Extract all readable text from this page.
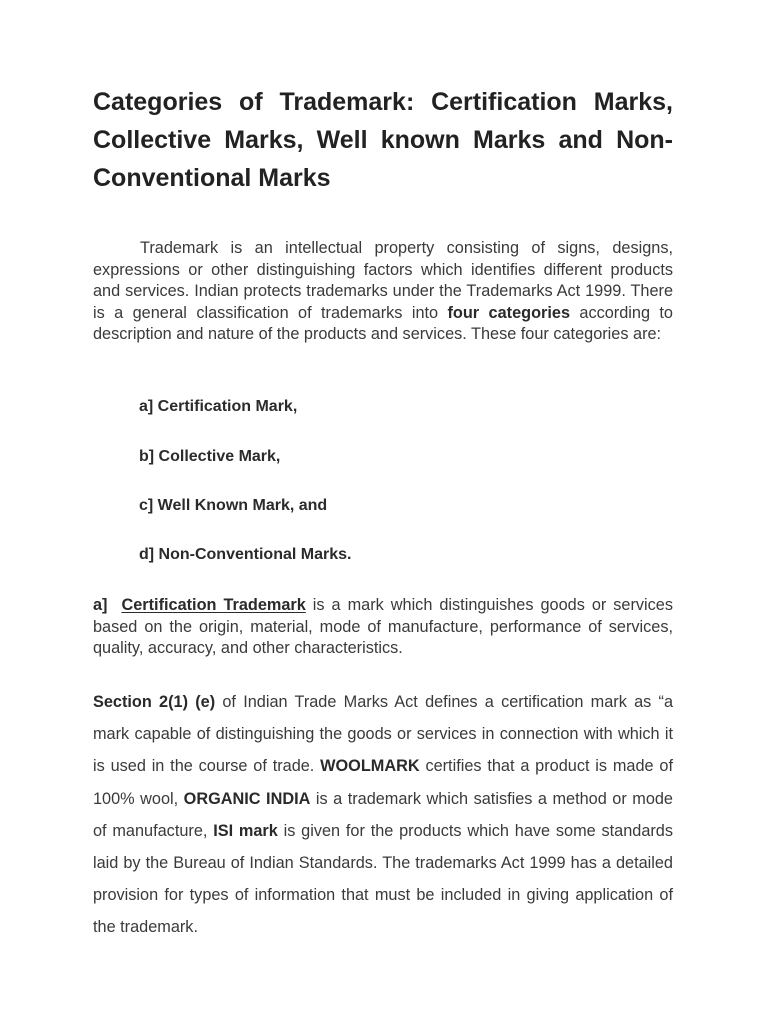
Categories of Trademark: Certification Marks, Collective Marks, Well known Marks and Non-Conventional Marks

Trademark is an intellectual property consisting of signs, designs, expressions or other distinguishing factors which identifies different products and services. Indian protects trademarks under the Trademarks Act 1999. There is a general classification of trademarks into four categories according to description and nature of the products and services. These four categories are:

a] Certification Mark,

b] Collective Mark,

c] Well Known Mark, and

d] Non-Conventional Marks.

a] Certification Trademark is a mark which distinguishes goods or services based on the origin, material, mode of manufacture, performance of services, quality, accuracy, and other characteristics.

Section 2(1) (e) of Indian Trade Marks Act defines a certification mark as “a mark capable of distinguishing the goods or services in connection with which it is used in the course of trade. WOOLMARK certifies that a product is made of 100% wool, ORGANIC INDIA is a trademark which satisfies a method or mode of manufacture, ISI mark is given for the products which have some standards laid by the Bureau of Indian Standards. The trademarks Act 1999 has a detailed provision for types of information that must be included in giving application of the trademark.
